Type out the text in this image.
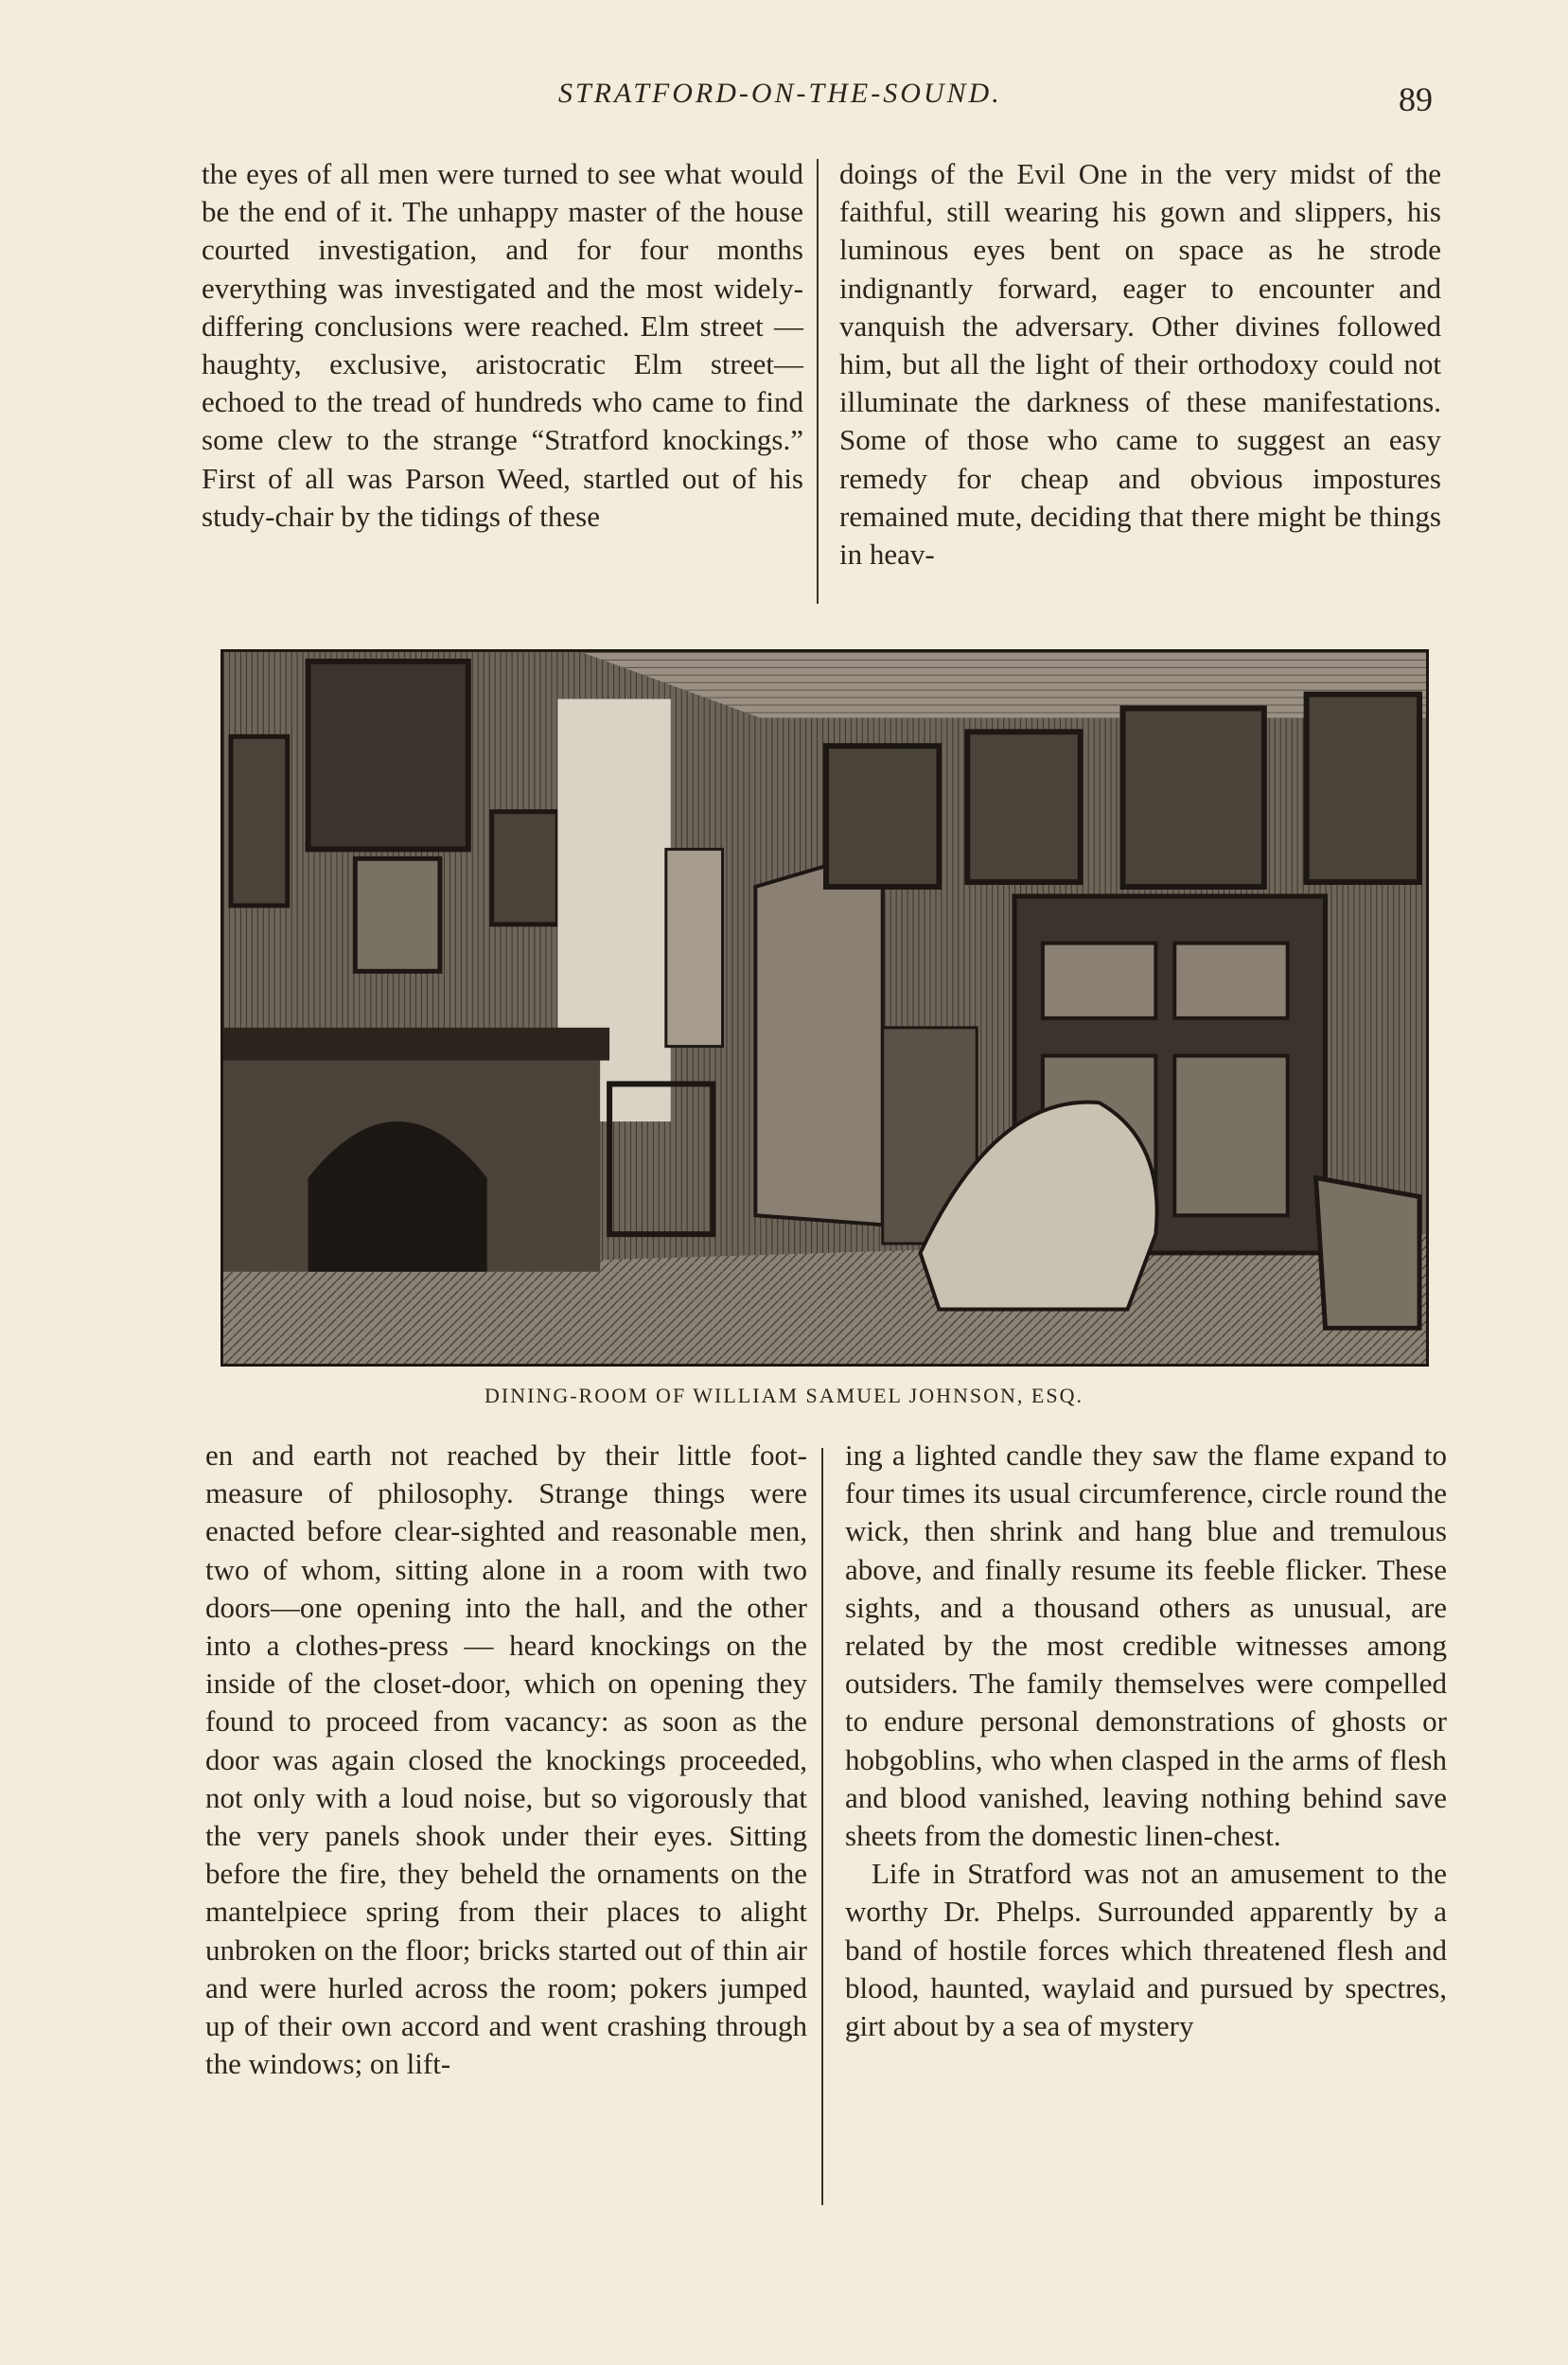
STRATFORD-ON-THE-SOUND.	89

the eyes of all men were turned to see what would be the end of it. The unhappy master of the house courted investigation, and for four months everything was investigated and the most widely-differing conclusions were reached. Elm street — haughty, exclusive, aristocratic Elm street—echoed to the tread of hundreds who came to find some clew to the strange “Stratford knockings.” First of all was Parson Weed, startled out of his study-chair by the tidings of these

doings of the Evil One in the very midst of the faithful, still wearing his gown and slippers, his luminous eyes bent on space as he strode indignantly forward, eager to encounter and vanquish the adversary. Other divines followed him, but all the light of their orthodoxy could not illuminate the darkness of these manifestations. Some of those who came to suggest an easy remedy for cheap and obvious impostures remained mute, deciding that there might be things in heav-

DINING-ROOM OF WILLIAM SAMUEL JOHNSON, ESQ.

en and earth not reached by their little foot-measure of philosophy. Strange things were enacted before clear-sighted and reasonable men, two of whom, sitting alone in a room with two doors—one opening into the hall, and the other into a clothes-press — heard knockings on the inside of the closet-door, which on opening they found to proceed from vacancy: as soon as the door was again closed the knockings proceeded, not only with a loud noise, but so vigorously that the very panels shook under their eyes. Sitting before the fire, they beheld the ornaments on the mantelpiece spring from their places to alight unbroken on the floor; bricks started out of thin air and were hurled across the room; pokers jumped up of their own accord and went crashing through the windows; on lift-

ing a lighted candle they saw the flame expand to four times its usual circumference, circle round the wick, then shrink and hang blue and tremulous above, and finally resume its feeble flicker. These sights, and a thousand others as unusual, are related by the most credible witnesses among outsiders. The family themselves were compelled to endure personal demonstrations of ghosts or hobgoblins, who when clasped in the arms of flesh and blood vanished, leaving nothing behind save sheets from the domestic linen-chest.

Life in Stratford was not an amusement to the worthy Dr. Phelps. Surrounded apparently by a band of hostile forces which threatened flesh and blood, haunted, waylaid and pursued by spectres, girt about by a sea of mystery
